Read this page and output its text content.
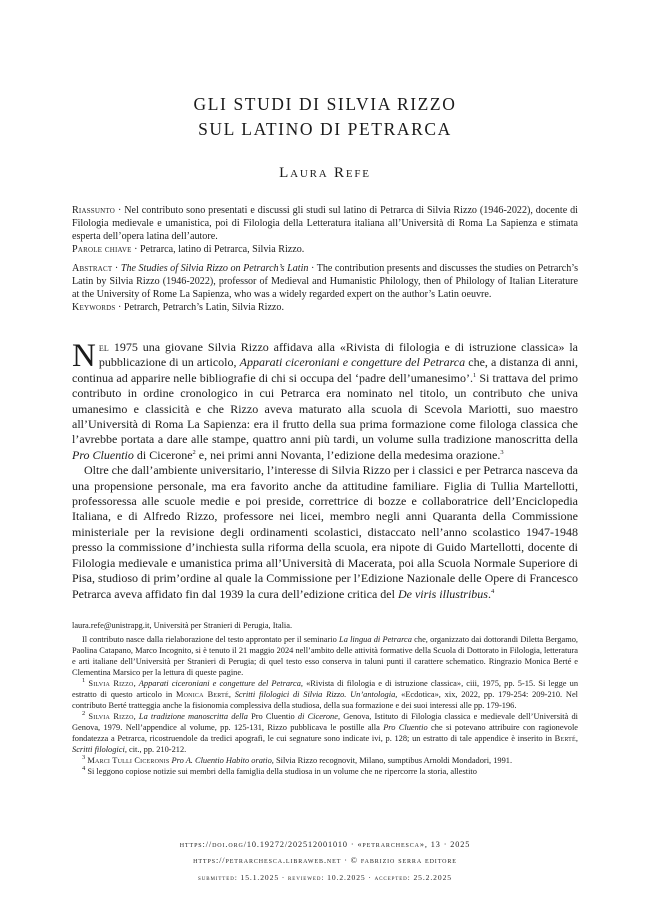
GLI STUDI DI SILVIA RIZZO
SUL LATINO DI PETRARCA
Laura Refe

Riassunto · Nel contributo sono presentati e discussi gli studi sul latino di Petrarca di Silvia Rizzo (1946-2022), docente di Filologia medievale e umanistica, poi di Filologia della Letteratura italiana all’Università di Roma La Sapienza e stimata esperta dell’opera latina dell’autore.

Parole chiave · Petrarca, latino di Petrarca, Silvia Rizzo.

Abstract · The Studies of Silvia Rizzo on Petrarch’s Latin · The contribution presents and discusses the studies on Petrarch’s Latin by Silvia Rizzo (1946-2022), professor of Medieval and Humanistic Philology, then of Philology of Italian Literature at the University of Rome La Sapienza, who was a widely regarded expert on the author’s Latin oeuvre.

Keywords · Petrarch, Petrarch’s Latin, Silvia Rizzo.

Nel 1975 una giovane Silvia Rizzo affidava alla «Rivista di filologia e di istruzione classica» la pubblicazione di un articolo, Apparati ciceroniani e congetture del Petrarca che, a distanza di anni, continua ad apparire nelle bibliografie di chi si occupa del ‘padre dell’umanesimo’.$^1$ Si trattava del primo contributo in ordine cronologico in cui Petrarca era nominato nel titolo, un contributo che univa umanesimo e classicità e che Rizzo aveva maturato alla scuola di Scevola Mariotti, suo maestro all’Università di Roma La Sapienza: era il frutto della sua prima formazione come filologa classica che l’avrebbe portata a dare alle stampe, quattro anni più tardi, un volume sulla tradizione manoscritta della Pro Cluentio di Cicerone$^2$ e, nei primi anni Novanta, l’edizione della medesima orazione.$^3$

Oltre che dall’ambiente universitario, l’interesse di Silvia Rizzo per i classici e per Petrarca nasceva da una propensione personale, ma era favorito anche da attitudine familiare. Figlia di Tullia Martellotti, professoressa alle scuole medie e poi preside, correttrice di bozze e collaboratrice dell’Enciclopedia Italiana, e di Alfredo Rizzo, professore nei licei, membro negli anni Quaranta della Commissione ministeriale per la revisione degli ordinamenti scolastici, distaccato nell’anno scolastico 1947-1948 presso la commissione d’inchiesta sulla riforma della scuola, era nipote di Guido Martellotti, docente di Filologia medievale e umanistica prima all’Università di Macerata, poi alla Scuola Normale Superiore di Pisa, studioso di prim’ordine al quale la Commissione per l’Edizione Nazionale delle Opere di Francesco Petrarca aveva affidato fin dal 1939 la cura dell’edizione critica del De viris illustribus.$^4$

laura.refe@unistrapg.it, Università per Stranieri di Perugia, Italia.

Il contributo nasce dalla rielaborazione del testo approntato per il seminario La lingua di Petrarca che, organizzato dai dottorandi Diletta Bergamo, Paolina Catapano, Marco Incognito, si è tenuto il 21 maggio 2024 nell’ambito delle attività formative della Scuola di Dottorato in Filologia, letteratura e arti italiane dell’Università per Stranieri di Perugia; di quel testo esso conserva in taluni punti il carattere schematico. Ringrazio Monica Berté e Clementina Marsico per la lettura di queste pagine.

$^1$ Silvia Rizzo, Apparati ciceroniani e congetture del Petrarca, «Rivista di filologia e di istruzione classica», ciii, 1975, pp. 5-15. Si legge un estratto di questo articolo in Monica Berté, Scritti filologici di Silvia Rizzo. Un’antologia, «Ecdotica», xix, 2022, pp. 179-254: 209-210. Nel contributo Berté tratteggia anche la fisionomia complessiva della studiosa, della sua formazione e dei suoi interessi alle pp. 179-196.

$^2$ Silvia Rizzo, La tradizione manoscritta della Pro Cluentio di Cicerone, Genova, Istituto di Filologia classica e medievale dell’Università di Genova, 1979. Nell’appendice al volume, pp. 125-131, Rizzo pubblicava le postille alla Pro Cluentio che si potevano attribuire con ragionevole fondatezza a Petrarca, ricostruendole da tredici apografi, le cui segnature sono indicate ivi, p. 128; un estratto di tale appendice è inserito in Berté, Scritti filologici, cit., pp. 210-212.

$^3$ Marci Tulli Ciceronis Pro A. Cluentio Habito oratio, Silvia Rizzo recognovit, Milano, sumptibus Arnoldi Mondadori, 1991.

$^4$ Si leggono copiose notizie sui membri della famiglia della studiosa in un volume che ne ripercorre la storia, allestito

https://doi.org/10.19272/202512001010 · «petrarchesca», 13 · 2025
https://petrarchesca.libraweb.net · © fabrizio serra editore
submitted: 15.1.2025 · reviewed: 10.2.2025 · accepted: 25.2.2025
